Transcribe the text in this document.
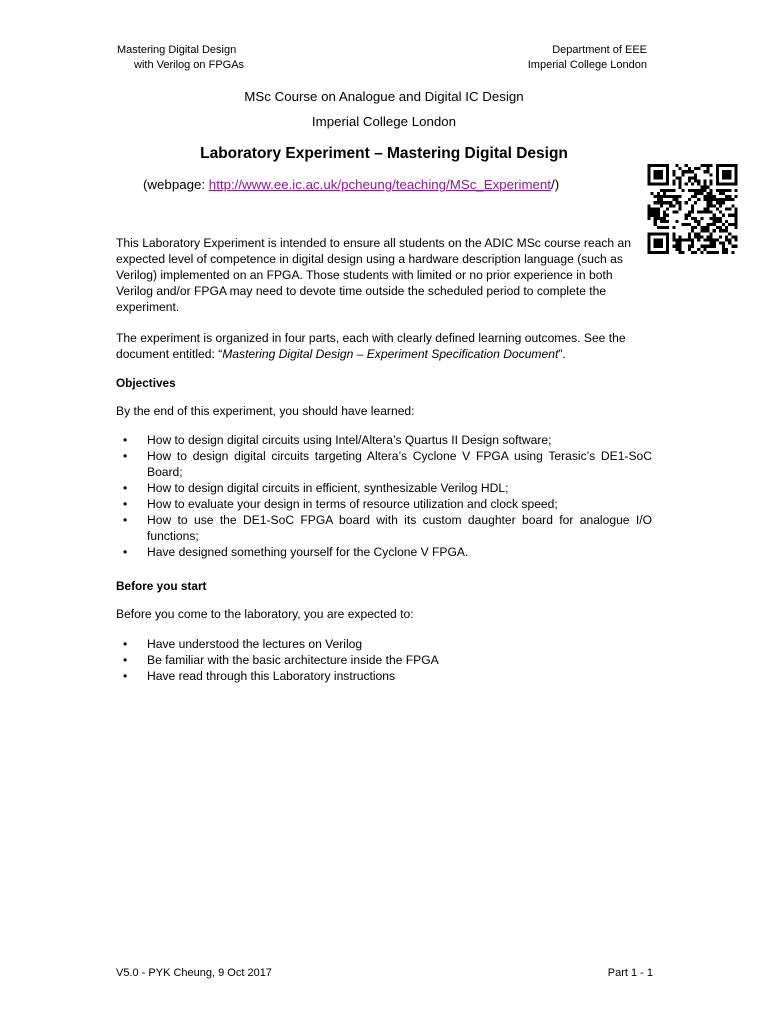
Mastering Digital Design
with Verilog on FPGAs
Department of EEE
Imperial College London
MSc Course on Analogue and Digital IC Design
Imperial College London
Laboratory Experiment – Mastering Digital Design
(webpage: http://www.ee.ic.ac.uk/pcheung/teaching/MSc_Experiment/)
This Laboratory Experiment is intended to ensure all students on the ADIC MSc course reach an expected level of competence in digital design using a hardware description language (such as Verilog) implemented on an FPGA. Those students with limited or no prior experience in both Verilog and/or FPGA may need to devote time outside the scheduled period to complete the experiment.
The experiment is organized in four parts, each with clearly defined learning outcomes. See the document entitled: “Mastering Digital Design – Experiment Specification Document”.
Objectives
By the end of this experiment, you should have learned:
• How to design digital circuits using Intel/Altera’s Quartus II Design software;
• How to design digital circuits targeting Altera’s Cyclone V FPGA using Terasic’s DE1-SoC Board;
• How to design digital circuits in efficient, synthesizable Verilog HDL;
• How to evaluate your design in terms of resource utilization and clock speed;
• How to use the DE1-SoC FPGA board with its custom daughter board for analogue I/O functions;
• Have designed something yourself for the Cyclone V FPGA.
Before you start
Before you come to the laboratory, you are expected to:
• Have understood the lectures on Verilog
• Be familiar with the basic architecture inside the FPGA
• Have read through this Laboratory instructions
V5.0 - PYK Cheung, 9 Oct 2017	Part 1 - 1
